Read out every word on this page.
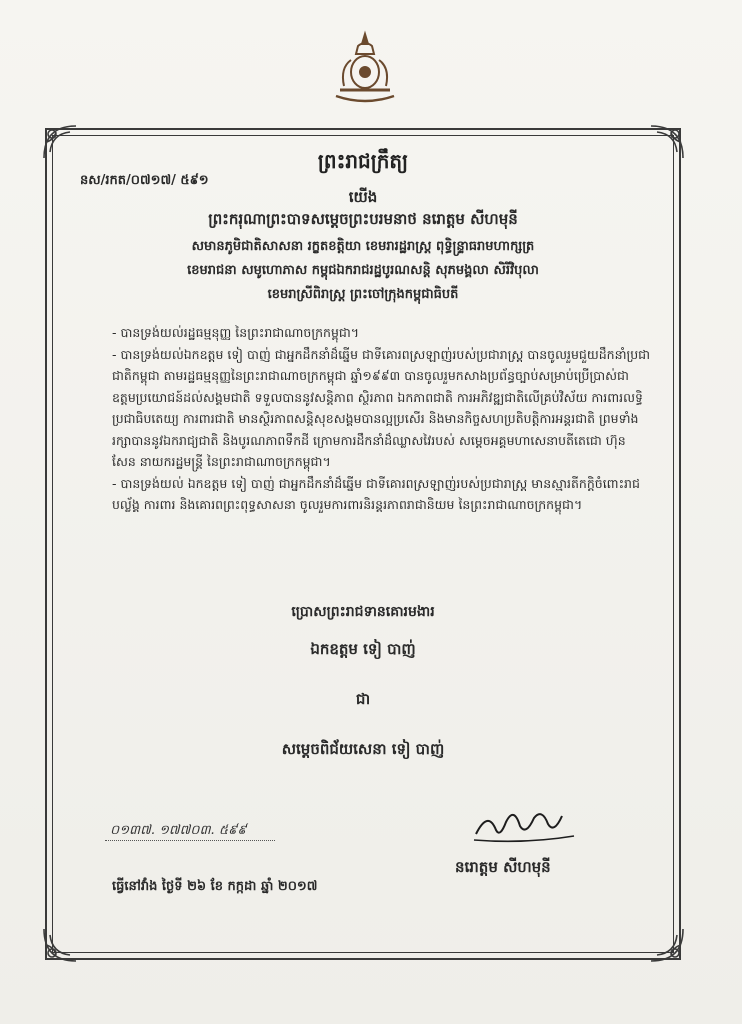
ព្រះរាជក្រឹត្យ
នស/រកត/០៧១៧/ ៥៩១
យើង
ព្រះករុណាព្រះបាទសម្តេចព្រះបរមនាថ នរោត្តម សីហមុនី
សមានភូមិជាតិសាសនា រក្ខតខត្តិយា ខេមរារដ្ឋរាស្ត្រ ពុទ្ធិន្ទ្រាធរាមហាក្សត្រ
ខេមរាជនា សមូហោភាស កម្ពុជឯករាជរដ្ឋបូរណសន្តិ សុភមង្គលា សិរីវិបុលា
ខេមរាស្រីពិរាស្ត្រ ព្រះចៅក្រុងកម្ពុជាធិបតី

- បានទ្រង់យល់រដ្ឋធម្មនុញ្ញ នៃព្រះរាជាណាចក្រកម្ពុជា។

- បានទ្រង់យល់ឯកឧត្តម ទៀ បាញ់ ជាអ្នកដឹកនាំដ៏ឆ្នើម ជាទីគោរពស្រឡាញ់របស់ប្រជារាស្ត្រ បានចូលរួមជួយដឹកនាំប្រជាជាតិកម្ពុជា តាមរដ្ឋធម្មនុញ្ញនៃព្រះរាជាណាចក្រកម្ពុជា ឆ្នាំ១៩៩៣ បានចូលរួមកសាងប្រព័ន្ធច្បាប់សម្រាប់ប្រើប្រាស់ជាឧត្តមប្រយោជន៍ដល់សង្គមជាតិ ទទួលបាននូវសន្តិភាព ស្ថិរភាព ឯកភាពជាតិ ការអភិវឌ្ឍជាតិលើគ្រប់វិស័យ ការពារលទ្ធិប្រជាធិបតេយ្យ ការពារជាតិ មានស្ថិរភាពសន្តិសុខសង្គមបានល្អប្រសើរ និងមានកិច្ចសហប្រតិបត្តិការអន្តរជាតិ ព្រមទាំងរក្សាបាននូវឯករាជ្យជាតិ និងបូរណភាពទឹកដី ក្រោមការដឹកនាំដ៏ឈ្លាសវៃរបស់ សម្តេចអគ្គមហាសេនាបតីតេជោ ហ៊ុន សែន នាយករដ្ឋមន្ត្រី នៃព្រះរាជាណាចក្រកម្ពុជា។

- បានទ្រង់យល់ ឯកឧត្តម ទៀ បាញ់ ជាអ្នកដឹកនាំដ៏ឆ្នើម ជាទីគោរពស្រឡាញ់របស់ប្រជារាស្ត្រ មានស្មារតីកក្តិចំពោះរាជបល្ល័ង្គ ការពារ និងគោរពព្រះពុទ្ធសាសនា ចូលរួមការពារនិរន្តរភាពរាជានិយម នៃព្រះរាជាណាចក្រកម្ពុជា។

ប្រោសព្រះរាជទានគោរមងារ
ឯកឧត្តម ទៀ បាញ់
ជា
សម្តេចពិជ័យសេនា ទៀ បាញ់
០១៣៧. ១៧៧០៣. ៥៩៩
នរោត្តម សីហមុនី
ធ្វើនៅវាំង ថ្ងៃទី ២៦ ខែ កក្កដា ឆ្នាំ ២០១៧
